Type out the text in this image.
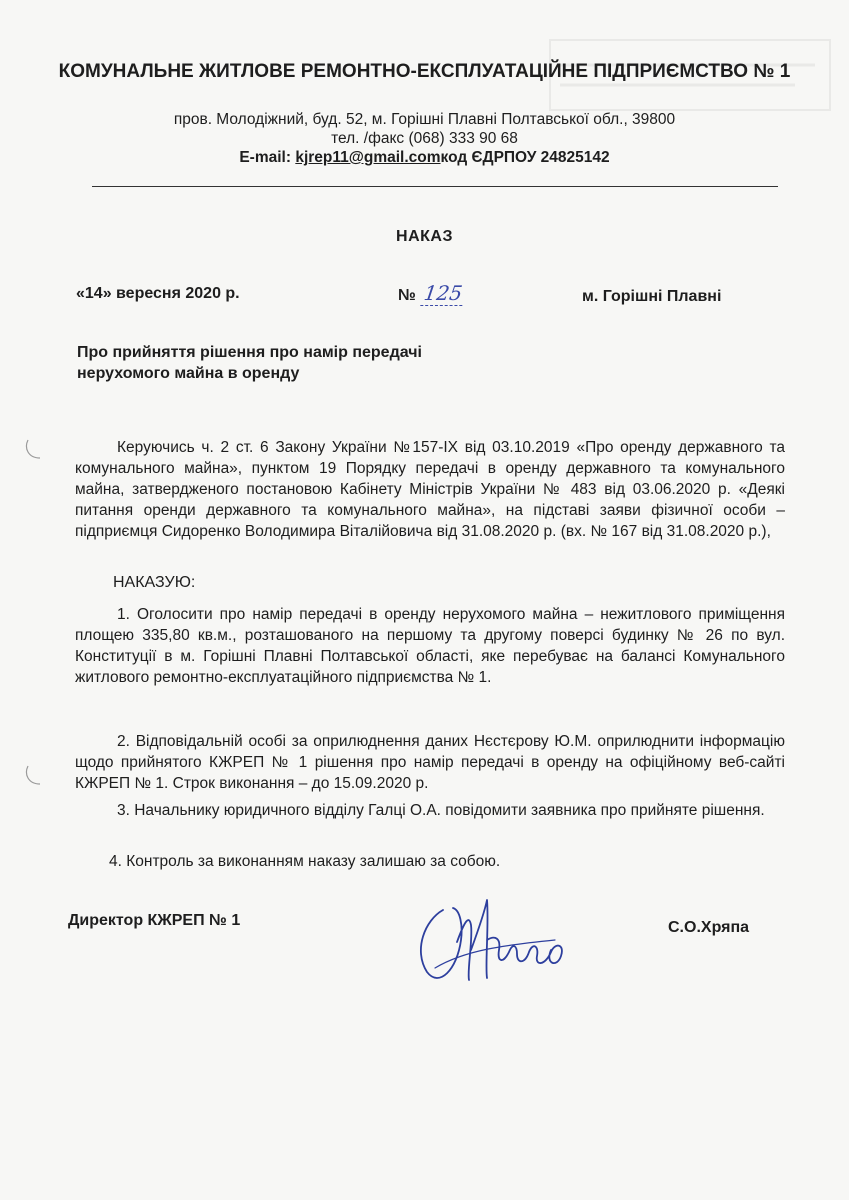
КОМУНАЛЬНЕ ЖИТЛОВЕ РЕМОНТНО-ЕКСПЛУАТАЦІЙНЕ ПІДПРИЄМСТВО № 1
пров. Молодіжний, буд. 52, м. Горішні Плавні Полтавської обл., 39800
тел. /факс (068) 333 90 68
E-mail: kjrep11@gmail.comкод ЄДРПОУ 24825142
НАКАЗ
«14» вересня 2020 р.	№ 125	м. Горішні Плавні
Про прийняття рішення про намір передачі нерухомого майна в оренду
Керуючись ч. 2 ст. 6 Закону України №157-IX від 03.10.2019 «Про оренду державного та комунального майна», пунктом 19 Порядку передачі в оренду державного та комунального майна, затвердженого постановою Кабінету Міністрів України № 483 від 03.06.2020 р. «Деякі питання оренди державного та комунального майна», на підставі заяви фізичної особи – підприємця Сидоренко Володимира Віталійовича від 31.08.2020 р. (вх. № 167 від 31.08.2020 р.),
НАКАЗУЮ:
1. Оголосити про намір передачі в оренду нерухомого майна – нежитлового приміщення площею 335,80 кв.м., розташованого на першому та другому поверсі будинку № 26 по вул. Конституції в м. Горішні Плавні Полтавської області, яке перебуває на балансі Комунального житлового ремонтно-експлуатаційного підприємства № 1.
2. Відповідальній особі за оприлюднення даних Нєстєрову Ю.М. оприлюднити інформацію щодо прийнятого КЖРЕП № 1 рішення про намір передачі в оренду на офіційному веб-сайті КЖРЕП № 1. Строк виконання – до 15.09.2020 р.
3. Начальнику юридичного відділу Галці О.А. повідомити заявника про прийняте рішення.
4. Контроль за виконанням наказу залишаю за собою.
Директор КЖРЕП № 1	С.О.Хряпа
